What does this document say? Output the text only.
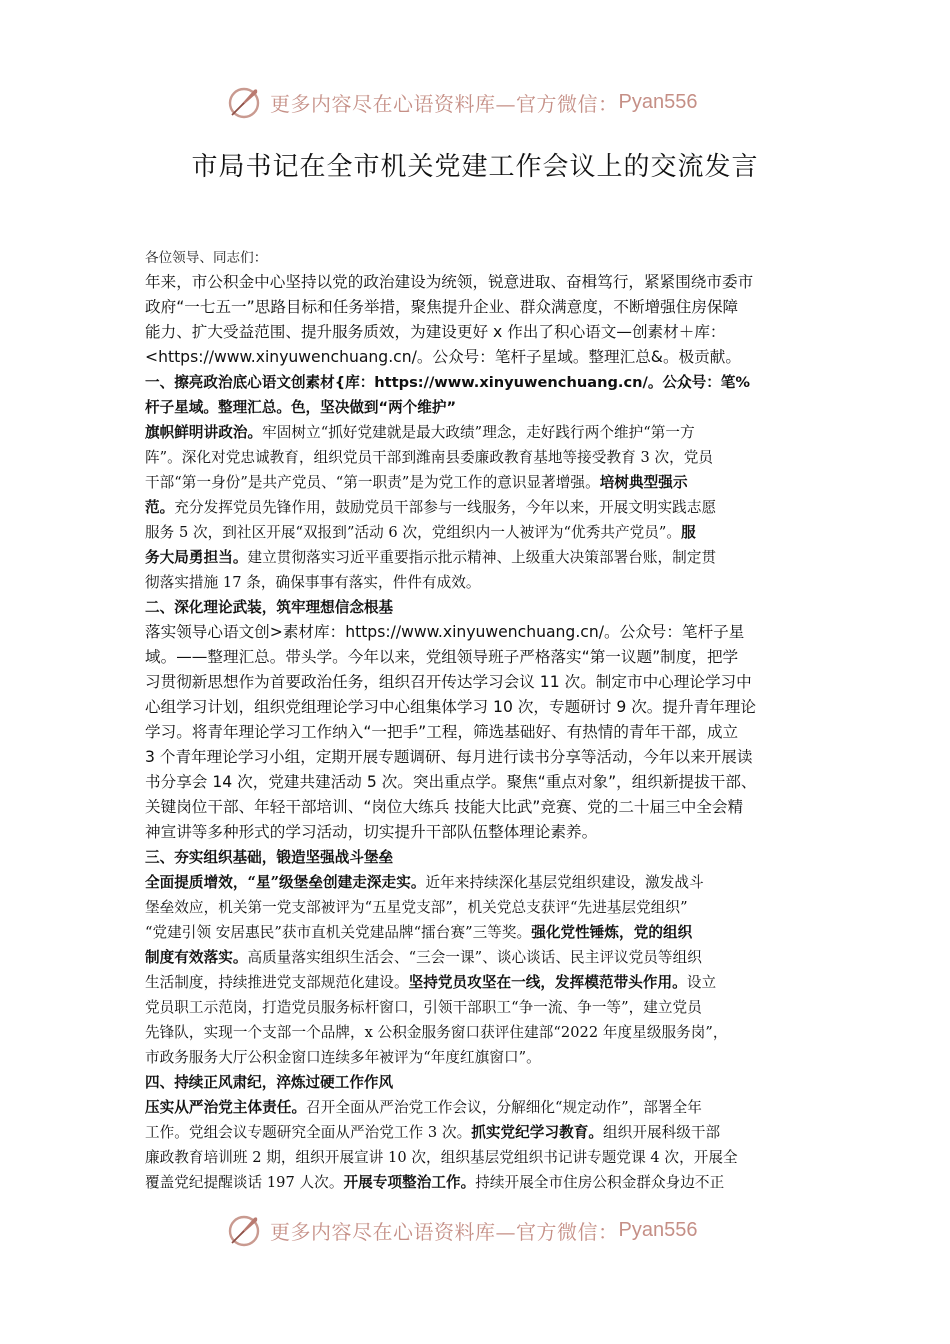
更多内容尽在心语资料库—官方微信： Pyan556
市局书记在全市机关党建工作会议上的交流发言
各位领导、同志们：
年来，市公积金中心坚持以党的政治建设为统领，锐意进取、奋楫笃行，紧紧围绕市委市
政府“一七五一”思路目标和任务举措，聚焦提升企业、群众满意度，不断增强住房保障
能力、扩大受益范围、提升服务质效，为建设更好 x 作出了积心语文—创素材＋库：
<https://www.xinyuwenchuang.cn/。公众号：笔杆子星域。整理汇总&。极贡献。
一、擦亮政治底心语文创素材{库：https://www.xinyuwenchuang.cn/。公众号：笔%
杆子星域。整理汇总。色，坚决做到“两个维护”
旗帜鲜明讲政治。牢固树立“抓好党建就是最大政绩”理念，走好践行两个维护“第一方
阵”。深化对党忠诚教育，组织党员干部到潍南县委廉政教育基地等接受教育 3 次，党员
干部“第一身份”是共产党员、“第一职责”是为党工作的意识显著增强。培树典型强示
范。充分发挥党员先锋作用，鼓励党员干部参与一线服务，今年以来，开展文明实践志愿
服务 5 次，到社区开展“双报到”活动 6 次，党组织内一人被评为“优秀共产党员”。服
务大局勇担当。建立贯彻落实习近平重要指示批示精神、上级重大决策部署台账，制定贯
彻落实措施 17 条，确保事事有落实，件件有成效。
二、深化理论武装，筑牢理想信念根基
落实领导心语文创>素材库：https://www.xinyuwenchuang.cn/。公众号：笔杆子星
域。——整理汇总。带头学。今年以来，党组领导班子严格落实“第一议题”制度，把学
习贯彻新思想作为首要政治任务，组织召开传达学习会议 11 次。制定市中心理论学习中
心组学习计划，组织党组理论学习中心组集体学习 10 次，专题研讨 9 次。提升青年理论
学习。将青年理论学习工作纳入“一把手”工程，筛选基础好、有热情的青年干部，成立
3 个青年理论学习小组，定期开展专题调研、每月进行读书分享等活动，今年以来开展读
书分享会 14 次，党建共建活动 5 次。突出重点学。聚焦“重点对象”，组织新提拔干部、
关键岗位干部、年轻干部培训、“岗位大练兵 技能大比武”竞赛、党的二十届三中全会精
神宣讲等多种形式的学习活动，切实提升干部队伍整体理论素养。
三、夯实组织基础，锻造坚强战斗堡垒
全面提质增效，“星”级堡垒创建走深走实。近年来持续深化基层党组织建设，激发战斗
堡垒效应，机关第一党支部被评为“五星党支部”，机关党总支获评“先进基层党组织”
“党建引领 安居惠民”获市直机关党建品牌“擂台赛”三等奖。强化党性锤炼，党的组织
制度有效落实。高质量落实组织生活会、“三会一课”、谈心谈话、民主评议党员等组织
生活制度，持续推进党支部规范化建设。坚持党员攻坚在一线，发挥模范带头作用。设立
党员职工示范岗，打造党员服务标杆窗口，引领干部职工“争一流、争一等”，建立党员
先锋队，实现一个支部一个品牌，x 公积金服务窗口获评住建部“2022 年度星级服务岗”，
市政务服务大厅公积金窗口连续多年被评为“年度红旗窗口”。
四、持续正风肃纪，淬炼过硬工作作风
压实从严治党主体责任。召开全面从严治党工作会议，分解细化“规定动作”，部署全年
工作。党组会议专题研究全面从严治党工作 3 次。抓实党纪学习教育。组织开展科级干部
廉政教育培训班 2 期，组织开展宣讲 10 次，组织基层党组织书记讲专题党课 4 次，开展全
覆盖党纪提醒谈话 197 人次。开展专项整治工作。持续开展全市住房公积金群众身边不正
更多内容尽在心语资料库—官方微信： Pyan556
